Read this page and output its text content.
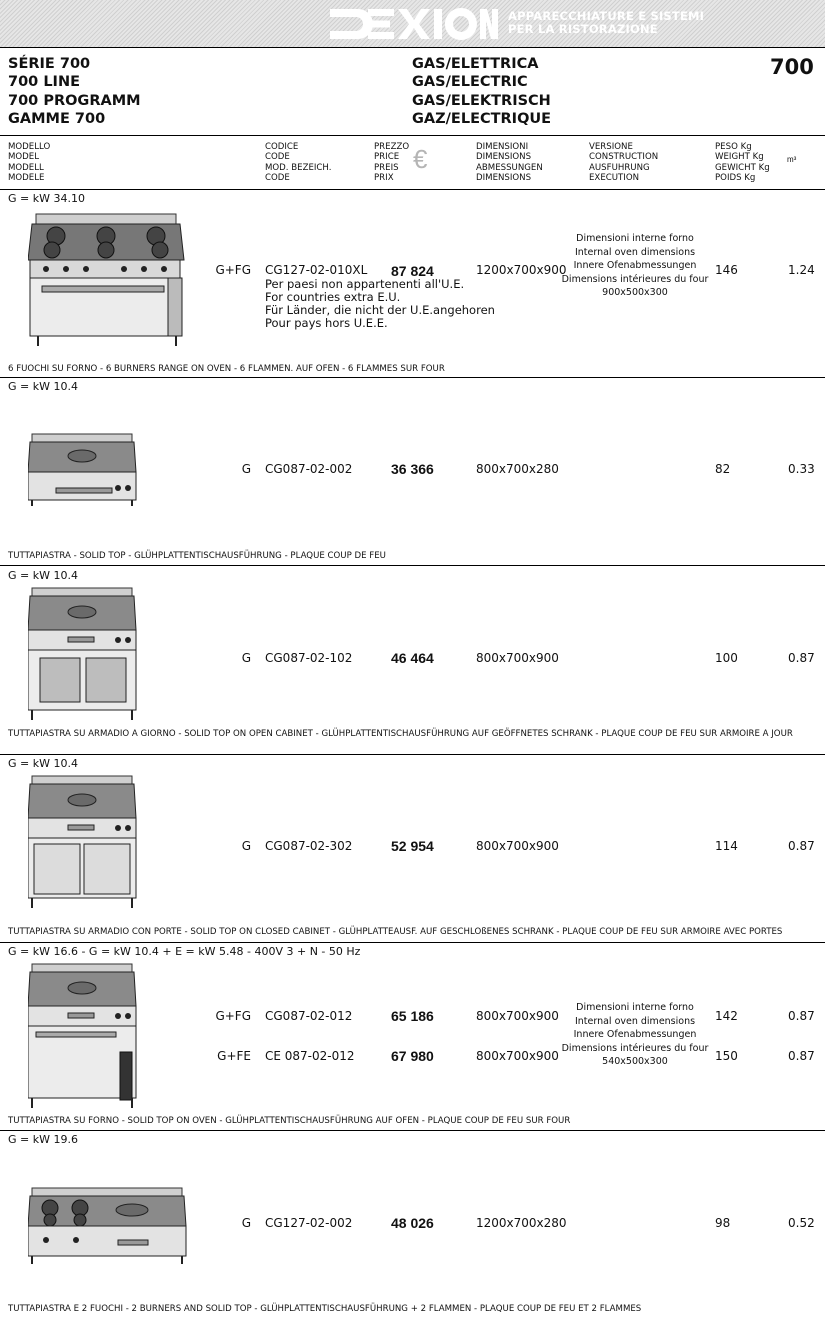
APPARECCHIATURE E SISTEMI
PER LA RISTORAZIONE
SÉRIE 700
700 LINE
700 PROGRAMM
GAMME 700
GAS/ELETTRICA
GAS/ELECTRIC
GAS/ELEKTRISCH
GAZ/ELECTRIQUE
700
MODELLO
MODEL
MODELL
MODELE
CODICE
CODE
MOD. BEZEICH.
CODE
PREZZO
PRICE
PREIS
PRIX
€	DIMENSIONI
DIMENSIONS
ABMESSUNGEN
DIMENSIONS
VERSIONE
CONSTRUCTION
AUSFUHRUNG
EXECUTION
PESO Kg
WEIGHT Kg
GEWICHT Kg
POIDS Kg
m³
G = kW 34.10
G+FG CG127-02-010XL 87 824	1200x700x900	146	1.24
Per paesi non appartenenti all'U.E.
For countries extra E.U.
Für Länder, die nicht der U.E.angehoren
Pour pays hors U.E.E.
Dimensioni interne forno
Internal oven dimensions
Innere Ofenabmessungen
Dimensions intérieures du four
900x500x300
6 FUOCHI SU FORNO - 6 BURNERS RANGE ON OVEN - 6 FLAMMEN. AUF OFEN - 6 FLAMMES SUR FOUR
G = kW 10.4
G CG087-02-002	36 366	800x700x280	82	0.33
TUTTAPIASTRA - SOLID TOP - GLÜHPLATTENTISCHAUSFÜHRUNG - PLAQUE COUP DE FEU
G = kW 10.4
G CG087-02-102	46 464	800x700x900	100	0.87
TUTTAPIASTRA SU ARMADIO A GIORNO - SOLID TOP ON OPEN CABINET - GLÜHPLATTENTISCHAUSFÜHRUNG AUF GEÖFFNETES SCHRANK - PLAQUE COUP DE FEU SUR ARMOIRE A JOUR
G = kW 10.4
G CG087-02-302	52 954	800x700x900	114	0.87
TUTTAPIASTRA SU ARMADIO CON PORTE - SOLID TOP ON CLOSED CABINET - GLÜHPLATTEAUSF. AUF GESCHLOßENES SCHRANK - PLAQUE COUP DE FEU SUR ARMOIRE AVEC PORTES
G = kW 16.6 - G = kW 10.4 + E = kW 5.48 - 400V 3 + N - 50 Hz
G+FG CG087-02-012	65 186	800x700x900	142	0.87
G+FE CE 087-02-012	67 980	800x700x900	150	0.87
Dimensioni interne forno
Internal oven dimensions
Innere Ofenabmessungen
Dimensions intérieures du four
540x500x300
TUTTAPIASTRA SU FORNO - SOLID TOP ON OVEN - GLÜHPLATTENTISCHAUSFÜHRUNG AUF OFEN - PLAQUE COUP DE FEU SUR FOUR
G = kW 19.6
G CG127-02-002	48 026	1200x700x280	98	0.52
TUTTAPIASTRA E 2 FUOCHI - 2 BURNERS AND SOLID TOP - GLÜHPLATTENTISCHAUSFÜHRUNG + 2 FLAMMEN - PLAQUE COUP DE FEU ET 2 FLAMMES
